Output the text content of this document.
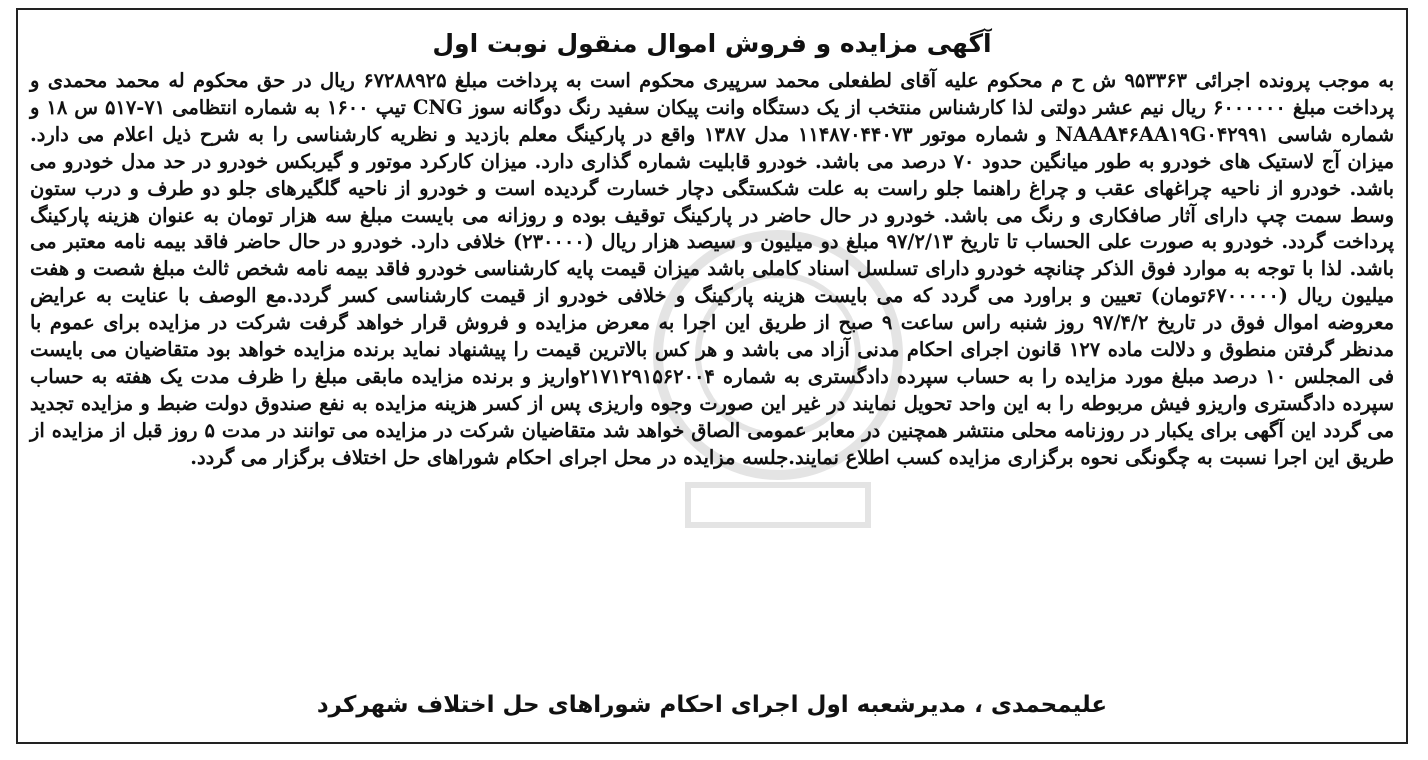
آگهی مزایده و فروش اموال منقول نوبت اول

به موجب پرونده اجرائی ۹۵۳۳۶۳ ش ح م محکوم علیه آقای لطفعلی محمد سرپیری محکوم است به پرداخت مبلغ ۶۷۲۸۸۹۲۵ ریال در حق محکوم له محمد محمدی و پرداخت مبلغ ۶۰۰۰۰۰۰ ریال نیم عشر دولتی لذا کارشناس منتخب از یک دستگاه وانت پیکان سفید رنگ دوگانه سوز CNG تیپ ۱۶۰۰ به شماره انتظامی ۷۱-۵۱۷ س ۱۸ و شماره شاسی NAAA۴۶AA۱۹G۰۴۲۹۹۱ و شماره موتور ۱۱۴۸۷۰۴۴۰۷۳ مدل ۱۳۸۷ واقع در پارکینگ معلم بازدید و نظریه کارشناسی را به شرح ذیل اعلام می دارد. میزان آج لاستیک های خودرو به طور میانگین حدود ۷۰ درصد می باشد. خودرو قابلیت شماره گذاری دارد. میزان کارکرد موتور و گیربکس خودرو در حد مدل خودرو می باشد. خودرو از ناحیه چراغهای عقب و چراغ راهنما جلو راست به علت شکستگی دچار خسارت گردیده است و خودرو از ناحیه گلگیرهای جلو دو طرف و درب ستون وسط سمت چپ دارای آثار صافکاری و رنگ می باشد. خودرو در حال حاضر در پارکینگ توقیف بوده و روزانه می بایست مبلغ سه هزار تومان به عنوان هزینه پارکینگ پرداخت گردد. خودرو به صورت علی الحساب تا تاریخ ۹۷/۲/۱۳ مبلغ دو میلیون و سیصد هزار ریال (۲۳۰۰۰۰) خلافی دارد. خودرو در حال حاضر فاقد بیمه نامه معتبر می باشد. لذا با توجه به موارد فوق الذکر چنانچه خودرو دارای تسلسل اسناد کاملی باشد میزان قیمت پایه کارشناسی خودرو فاقد بیمه نامه شخص ثالث مبلغ شصت و هفت میلیون ریال (۶۷۰۰۰۰۰تومان) تعیین و براورد می گردد که می بایست هزینه پارکینگ و خلافی خودرو از قیمت کارشناسی کسر گردد.مع الوصف با عنایت به عرایض معروضه اموال فوق در تاریخ ۹۷/۴/۲ روز شنبه راس ساعت ۹ صبح از طریق این اجرا به معرض مزایده و فروش قرار خواهد گرفت شرکت در مزایده برای عموم با مدنظر گرفتن منطوق و دلالت ماده ۱۲۷ قانون اجرای احکام مدنی آزاد می باشد و هر کس بالاترین قیمت را پیشنهاد نماید برنده مزایده خواهد بود متقاضیان می بایست فی المجلس ۱۰ درصد مبلغ مورد مزایده را به حساب سپرده دادگستری به شماره ۲۱۷۱۲۹۱۵۶۲۰۰۴واریز و برنده مزایده مابقی مبلغ را ظرف مدت یک هفته به حساب سپرده دادگستری واریزو فیش مربوطه را به این واحد تحویل نمایند در غیر این صورت وجوه واریزی پس از کسر هزینه مزایده به نفع صندوق دولت ضبط و مزایده تجدید می گردد این آگهی برای یکبار در روزنامه محلی منتشر همچنین در معابر عمومی الصاق خواهد شد متقاضیان شرکت در مزایده می توانند در مدت ۵ روز قبل از مزایده از طریق این اجرا نسبت به چگونگی نحوه برگزاری مزایده کسب اطلاع نمایند.جلسه مزایده در محل اجرای احکام شوراهای حل اختلاف برگزار می گردد.

علیمحمدی ، مدیرشعبه اول اجرای احکام شوراهای حل اختلاف شهرکرد
